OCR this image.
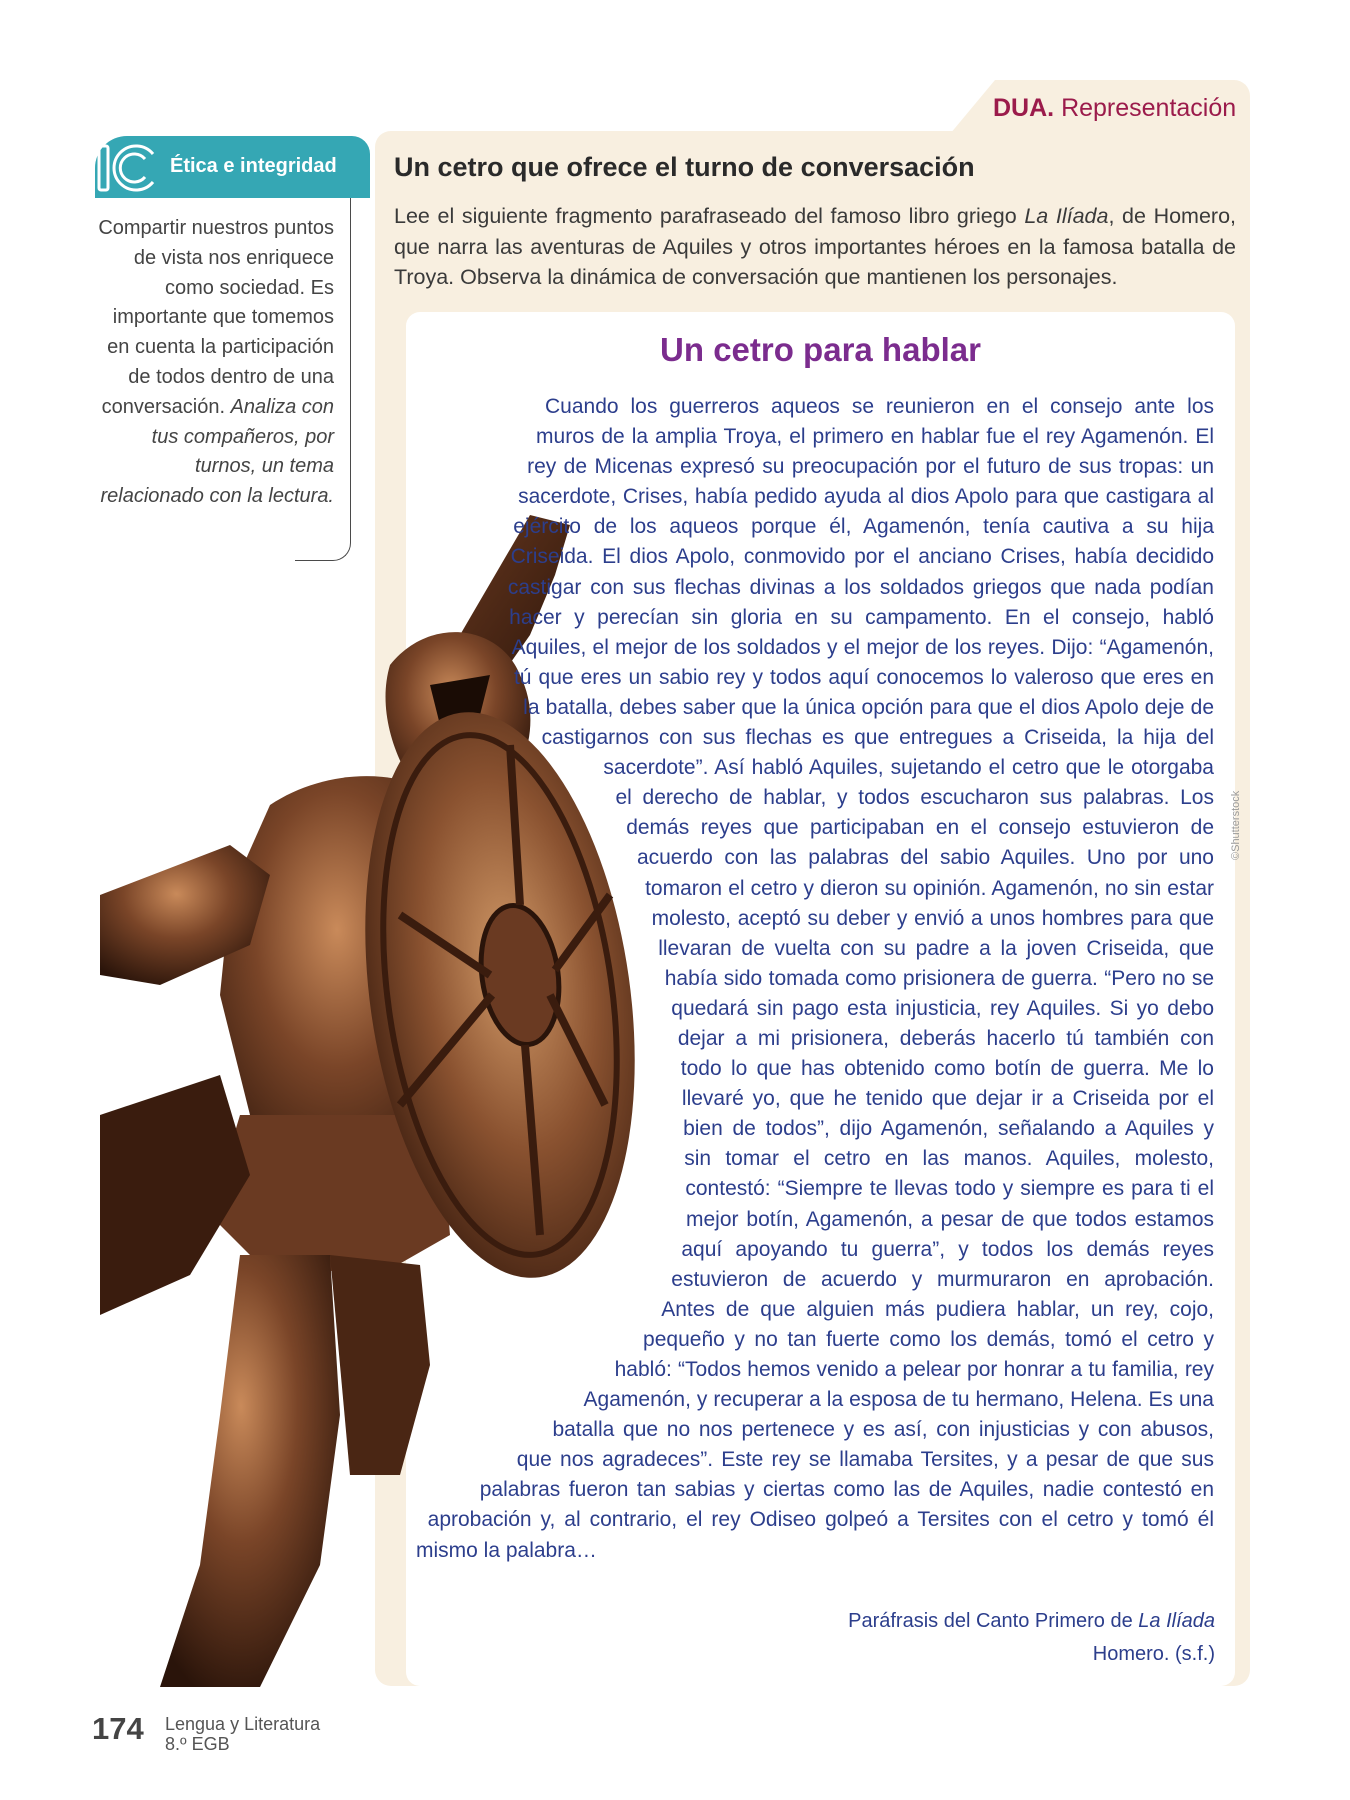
DUA. Representación
Ética e integridad
Compartir nuestros puntos de vista nos enriquece como sociedad. Es importante que tomemos en cuenta la participación de todos dentro de una conversación. Analiza con tus compañeros, por turnos, un tema relacionado con la lectura.
Un cetro que ofrece el turno de conversación
Lee el siguiente fragmento parafraseado del famoso libro griego La Ilíada, de Homero, que narra las aventuras de Aquiles y otros importantes héroes en la famosa batalla de Troya. Observa la dinámica de conversación que mantienen los personajes.
Un cetro para hablar
Cuando los guerreros aqueos se reunieron en el consejo ante los muros de la amplia Troya, el primero en hablar fue el rey Agamenón. El rey de Micenas expresó su preocupación por el futuro de sus tropas: un sacerdote, Crises, había pedido ayuda al dios Apolo para que castigara al ejército de los aqueos porque él, Agamenón, tenía cautiva a su hija Criseida. El dios Apolo, conmovido por el anciano Crises, había decidido castigar con sus flechas divinas a los soldados griegos que nada podían hacer y perecían sin gloria en su campamento. En el consejo, habló Aquiles, el mejor de los soldados y el mejor de los reyes. Dijo: “Agamenón, tú que eres un sabio rey y todos aquí conocemos lo valeroso que eres en la batalla, debes saber que la única opción para que el dios Apolo deje de castigarnos con sus flechas es que entregues a Criseida, la hija del sacerdote”. Así habló Aquiles, sujetando el cetro que le otorgaba el derecho de hablar, y todos escucharon sus palabras. Los demás reyes que participaban en el consejo estuvieron de acuerdo con las palabras del sabio Aquiles. Uno por uno tomaron el cetro y dieron su opinión. Agamenón, no sin estar molesto, aceptó su deber y envió a unos hombres para que llevaran de vuelta con su padre a la joven Criseida, que había sido tomada como prisionera de guerra. “Pero no se quedará sin pago esta injusticia, rey Aquiles. Si yo debo dejar a mi prisionera, deberás hacerlo tú también con todo lo que has obtenido como botín de guerra. Me lo llevaré yo, que he tenido que dejar ir a Criseida por el bien de todos”, dijo Agamenón, señalando a Aquiles y sin tomar el cetro en las manos. Aquiles, molesto, contestó: “Siempre te llevas todo y siempre es para ti el mejor botín, Agamenón, a pesar de que todos estamos aquí apoyando tu guerra”, y todos los demás reyes estuvieron de acuerdo y murmuraron en aprobación. Antes de que alguien más pudiera hablar, un rey, cojo, pequeño y no tan fuerte como los demás, tomó el cetro y habló: “Todos hemos venido a pelear por honrar a tu familia, rey Agamenón, y recuperar a la esposa de tu hermano, Helena. Es una batalla que no nos pertenece y es así, con injusticias y con abusos, que nos agradeces”. Este rey se llamaba Tersites, y a pesar de que sus palabras fueron tan sabias y ciertas como las de Aquiles, nadie contestó en aprobación y, al contrario, el rey Odiseo golpeó a Tersites con el cetro y tomó él mismo la palabra…
©Shutterstock
Paráfrasis del Canto Primero de La Ilíada
Homero. (s.f.)
174 Lengua y Literatura
8.º EGB
